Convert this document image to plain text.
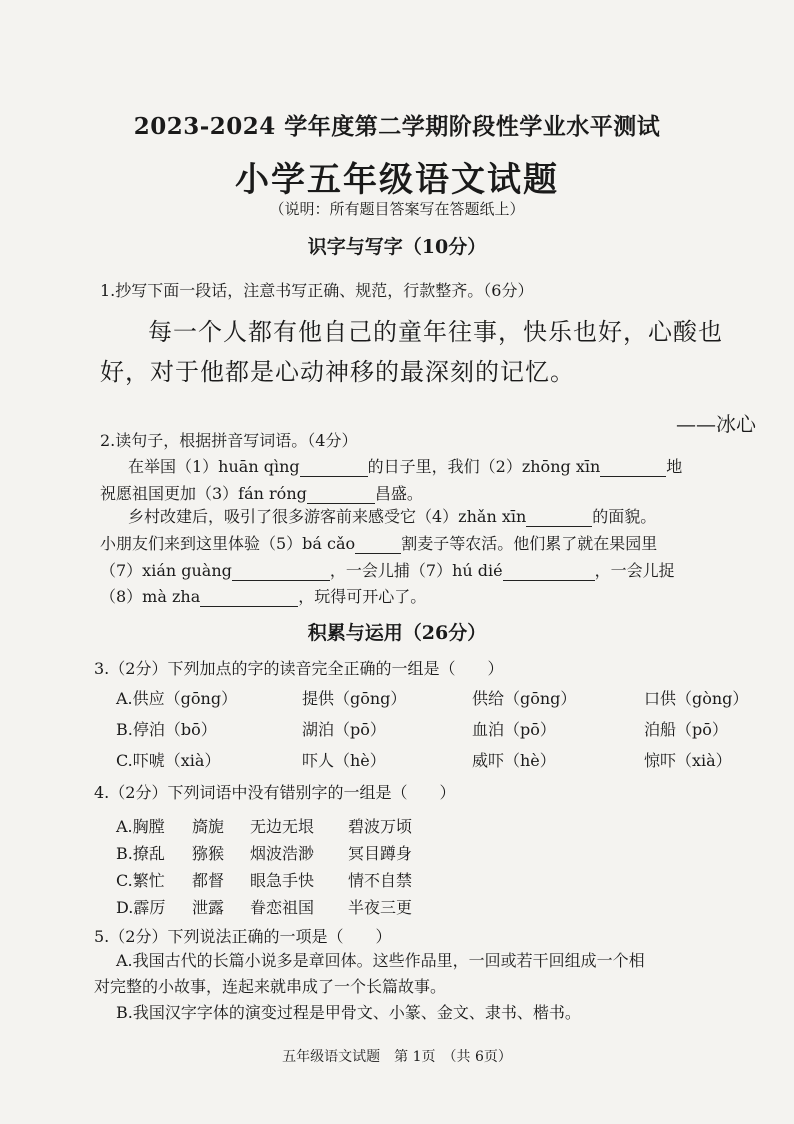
2023-2024 学年度第二学期阶段性学业水平测试
小学五年级语文试题
（说明：所有题目答案写在答题纸上）
识字与写字（10分）
1.抄写下面一段话，注意书写正确、规范，行款整齐。（6分）
每一个人都有他自己的童年往事，快乐也好，心酸也
好，对于他都是心动神移的最深刻的记忆。
——冰心
2.读句子，根据拼音写词语。（4分）
在举国（1）huān qìng	的日子里，我们（2）zhōng xīn	地
祝愿祖国更加（3）fán róng	昌盛。
乡村改建后，吸引了很多游客前来感受它（4）zhǎn xīn	的面貌。
小朋友们来到这里体验（5）bá cǎo	割麦子等农活。他们累了就在果园里
（7）xián guàng	，一会儿捕（7）hú dié	，一会儿捉
（8）mà zha	，玩得可开心了。
积累与运用（26分）
3.（2分）下列加点的字的读音完全正确的一组是（　　）
A.供应（gōng）	提供（gōng）	供给（gōng）	口供（gòng）
B.停泊（bō）	湖泊（pō）	血泊（pō）	泊船（pō）
C.吓唬（xià）	吓人（hè）	威吓（hè）	惊吓（xià）
4.（2分）下列词语中没有错别字的一组是（　　）
A.胸膛 旖旎 无边无垠 碧波万顷
B.撩乱 猕猴 烟波浩渺 冥目蹲身
C.繁忙 都督 眼急手快 情不自禁
D.霹厉 泄露 眷恋祖国 半夜三更
5.（2分）下列说法正确的一项是（　　）
A.我国古代的长篇小说多是章回体。这些作品里，一回或若干回组成一个相
对完整的小故事，连起来就串成了一个长篇故事。
B.我国汉字字体的演变过程是甲骨文、小篆、金文、隶书、楷书。
五年级语文试题　第 1页　（共 6页）
